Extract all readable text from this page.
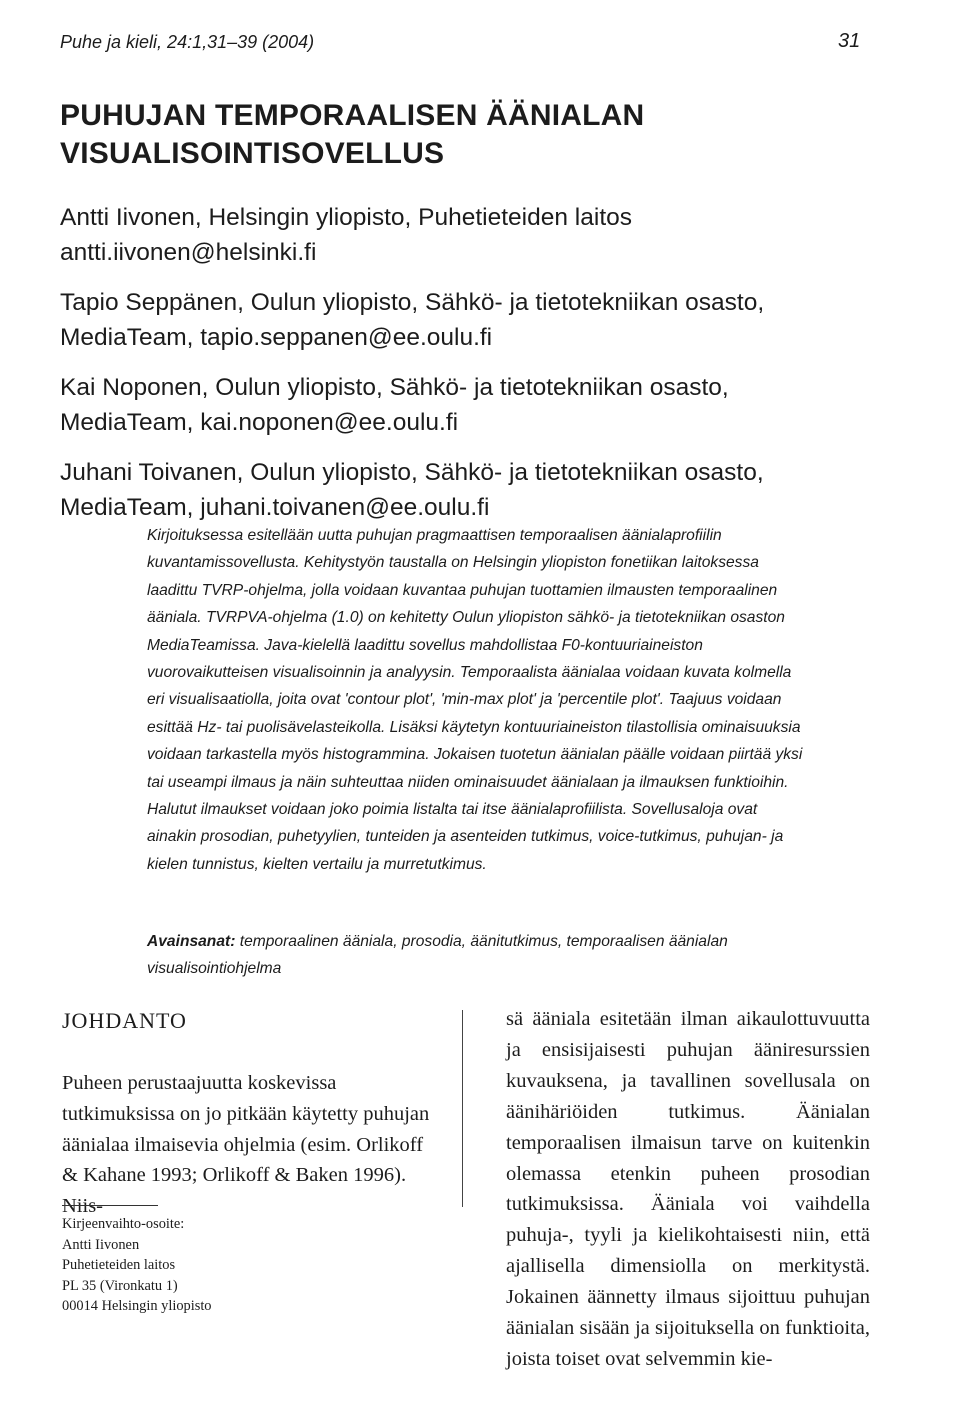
Puhe ja kieli, 24:1,31–39 (2004)	31
PUHUJAN TEMPORAALISEN ÄÄNIALAN
VISUALISOINTISOVELLUS
Antti Iivonen, Helsingin yliopisto, Puhetieteiden laitos
antti.iivonen@helsinki.fi
Tapio Seppänen, Oulun yliopisto, Sähkö- ja tietotekniikan osasto,
MediaTeam, tapio.seppanen@ee.oulu.fi
Kai Noponen, Oulun yliopisto, Sähkö- ja tietotekniikan osasto,
MediaTeam, kai.noponen@ee.oulu.fi
Juhani Toivanen, Oulun yliopisto, Sähkö- ja tietotekniikan osasto,
MediaTeam, juhani.toivanen@ee.oulu.fi

Kirjoituksessa esitellään uutta puhujan pragmaattisen temporaalisen äänialaprofiilin kuvantamissovellusta. Kehitystyön taustalla on Helsingin yliopiston fonetiikan laitoksessa laadittu TVRP-ohjelma, jolla voidaan kuvantaa puhujan tuottamien ilmausten temporaalinen ääniala. TVRPVA-ohjelma (1.0) on kehitetty Oulun yliopiston sähkö- ja tietotekniikan osaston MediaTeamissa. Java-kielellä laadittu sovellus mahdollistaa F0-kontuuriaineiston vuorovaikutteisen visualisoinnin ja analyysin. Temporaalista äänialaa voidaan kuvata kolmella eri visualisaatiolla, joita ovat 'contour plot', 'min-max plot' ja 'percentile plot'. Taajuus voidaan esittää Hz- tai puolisävelasteikolla. Lisäksi käytetyn kontuuriaineiston tilastollisia ominaisuuksia voidaan tarkastella myös histogrammina. Jokaisen tuotetun äänialan päälle voidaan piirtää yksi tai useampi ilmaus ja näin suhteuttaa niiden ominaisuudet äänialaan ja ilmauksen funktioihin. Halutut ilmaukset voidaan joko poimia listalta tai itse äänialaprofiilista. Sovellusaloja ovat ainakin prosodian, puhetyylien, tunteiden ja asenteiden tutkimus, voice-tutkimus, puhujan- ja kielen tunnistus, kielten vertailu ja murretutkimus.

Avainsanat: temporaalinen ääniala, prosodia, äänitutkimus, temporaalisen äänialan visualisointiohjelma

JOHDANTO

Puheen perustaajuutta koskevissa tutkimuksissa on jo pitkään käytetty puhujan äänialaa ilmaisevia ohjelmia (esim. Orlikoff & Kahane 1993; Orlikoff & Baken 1996). Niis-

Kirjeenvaihto-osoite:
Antti Iivonen
Puhetieteiden laitos
PL 35 (Vironkatu 1)
00014 Helsingin yliopisto

sä ääniala esitetään ilman aikaulottuvuutta ja ensisijaisesti puhujan ääniresurssien kuvauksena, ja tavallinen sovellusala on äänihäriöiden tutkimus. Äänialan temporaalisen ilmaisun tarve on kuitenkin olemassa etenkin puheen prosodian tutkimuksissa. Ääniala voi vaihdella puhuja-, tyyli ja kielikohtaisesti niin, että ajallisella dimensiolla on merkitystä. Jokainen äännetty ilmaus sijoittuu puhujan äänialan sisään ja sijoituksella on funktioita, joista toiset ovat selvemmin kie-
